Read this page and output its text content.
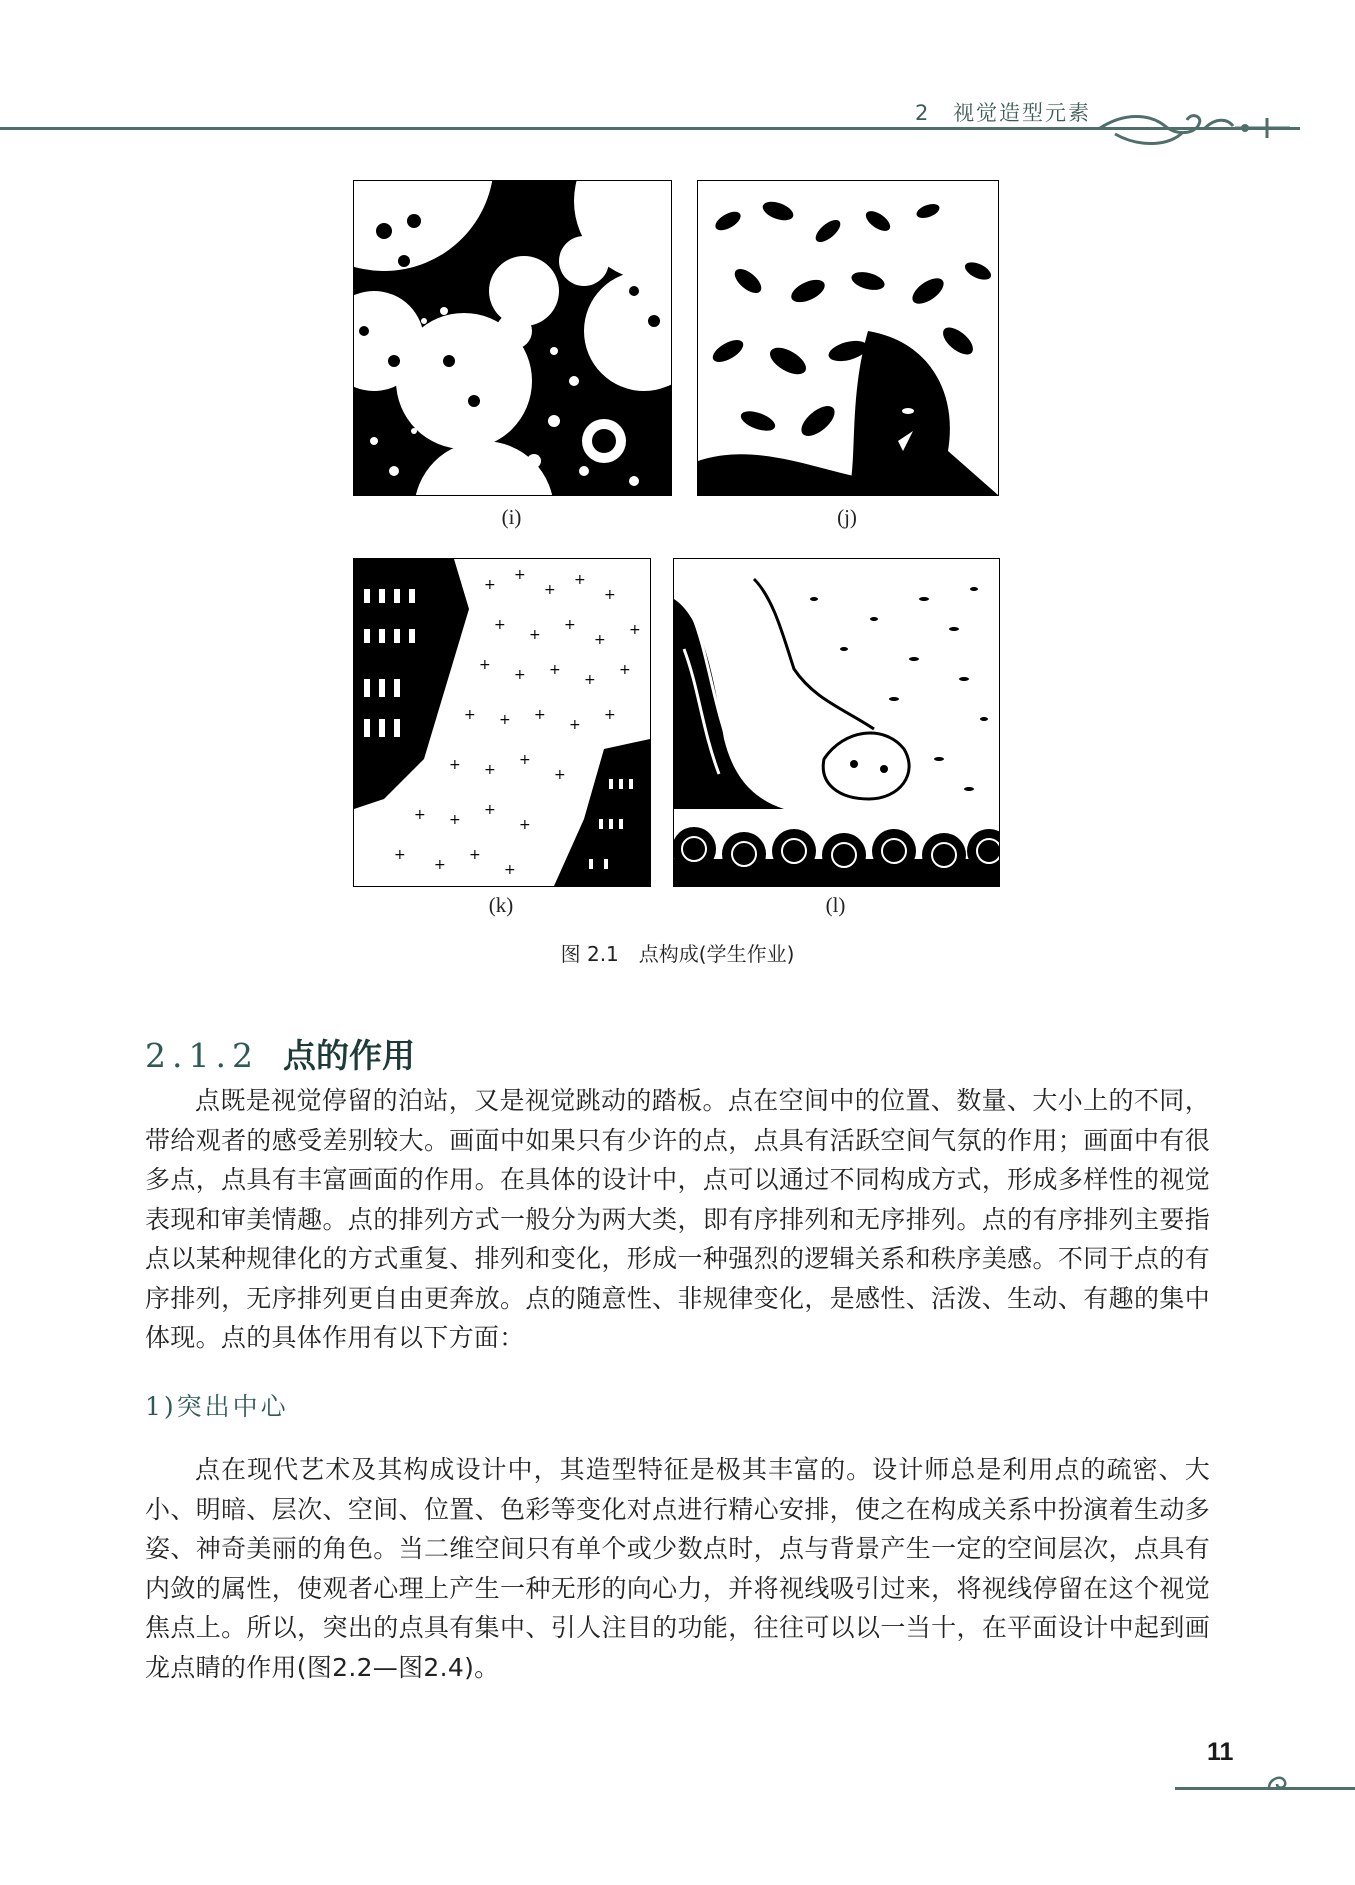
2 视觉造型元素
(i)	(j)
+
+
+
+
+
+
+
+
+
+
+
+ +
+
+
+ + +
+
+
+ +
+
+
+ +
+
+
+
+
+
+
(k)	(l)
图 2.1　点构成(学生作业)
2.1.2 点的作用
点既是视觉停留的泊站，又是视觉跳动的踏板。点在空间中的位置、数量、大小上的不同，带给观者的感受差别较大。画面中如果只有少许的点，点具有活跃空间气氛的作用；画面中有很多点，点具有丰富画面的作用。在具体的设计中，点可以通过不同构成方式，形成多样性的视觉表现和审美情趣。点的排列方式一般分为两大类，即有序排列和无序排列。点的有序排列主要指点以某种规律化的方式重复、排列和变化，形成一种强烈的逻辑关系和秩序美感。不同于点的有序排列，无序排列更自由更奔放。点的随意性、非规律变化，是感性、活泼、生动、有趣的集中体现。点的具体作用有以下方面：
1)突出中心
点在现代艺术及其构成设计中，其造型特征是极其丰富的。设计师总是利用点的疏密、大小、明暗、层次、空间、位置、色彩等变化对点进行精心安排，使之在构成关系中扮演着生动多姿、神奇美丽的角色。当二维空间只有单个或少数点时，点与背景产生一定的空间层次，点具有内敛的属性，使观者心理上产生一种无形的向心力，并将视线吸引过来，将视线停留在这个视觉焦点上。所以，突出的点具有集中、引人注目的功能，往往可以以一当十，在平面设计中起到画龙点睛的作用(图2.2—图2.4)。
11
